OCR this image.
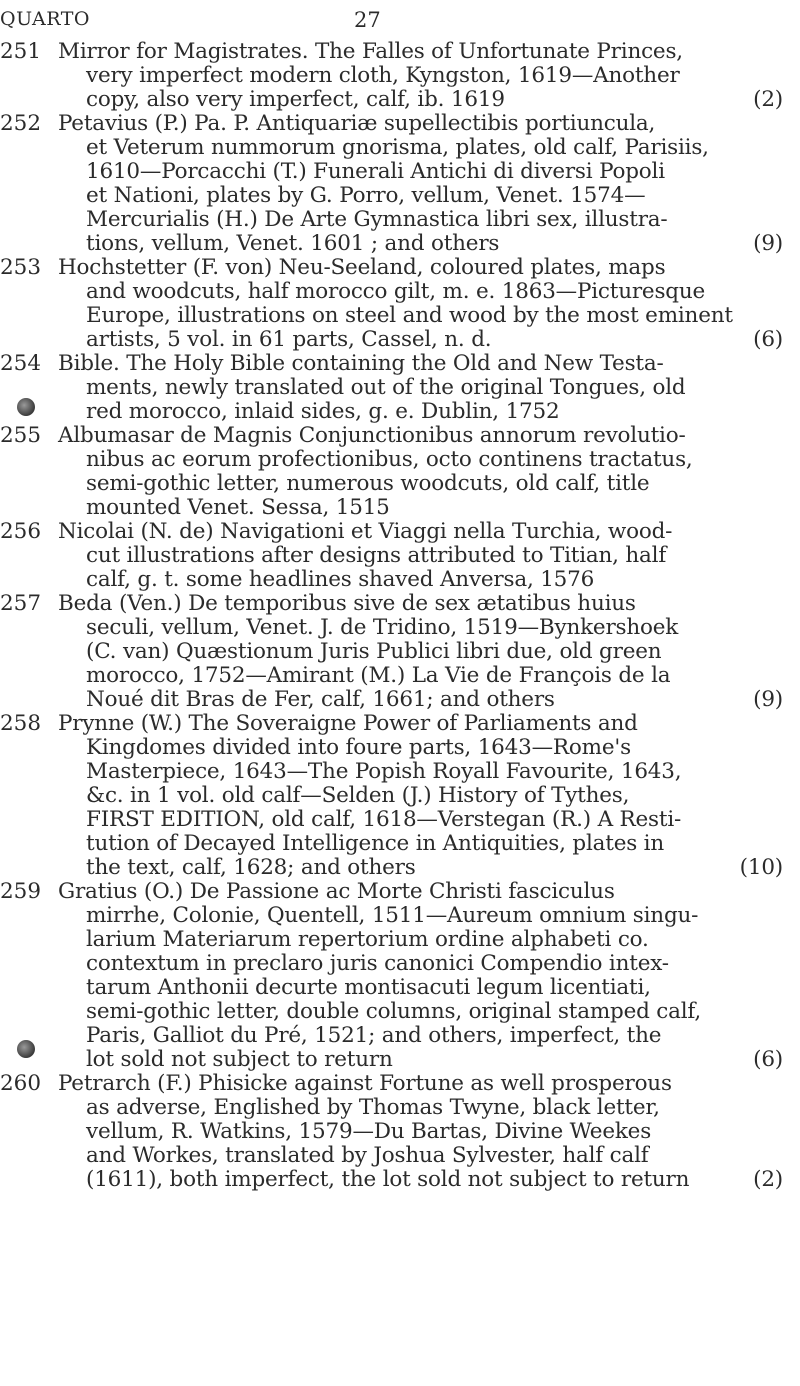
QUARTO	27
251 Mirror for Magistrates. The Falles of Unfortunate Princes,
very imperfect modern cloth, Kyngston, 1619—Another
copy, also very imperfect, calf, ib. 1619	(2)
252 Petavius (P.) Pa. P. Antiquariæ supellectibis portiuncula,
et Veterum nummorum gnorisma, plates, old calf, Parisiis,
1610—Porcacchi (T.) Funerali Antichi di diversi Popoli
et Nationi, plates by G. Porro, vellum, Venet. 1574—
Mercurialis (H.) De Arte Gymnastica libri sex, illustra-
tions, vellum, Venet. 1601 ; and others	(9)
253 Hochstetter (F. von) Neu-Seeland, coloured plates, maps
and woodcuts, half morocco gilt, m. e. 1863—Picturesque
Europe, illustrations on steel and wood by the most eminent
artists, 5 vol. in 61 parts, Cassel, n. d.	(6)
254 Bible. The Holy Bible containing the Old and New Testa-
ments, newly translated out of the original Tongues, old
red morocco, inlaid sides, g. e. Dublin, 1752
255 Albumasar de Magnis Conjunctionibus annorum revolutio-
nibus ac eorum profectionibus, octo continens tractatus,
semi-gothic letter, numerous woodcuts, old calf, title
mounted Venet. Sessa, 1515
256 Nicolai (N. de) Navigationi et Viaggi nella Turchia, wood-
cut illustrations after designs attributed to Titian, half
calf, g. t. some headlines shaved Anversa, 1576
257 Beda (Ven.) De temporibus sive de sex ætatibus huius
seculi, vellum, Venet. J. de Tridino, 1519—Bynkershoek
(C. van) Quæstionum Juris Publici libri due, old green
morocco, 1752—Amirant (M.) La Vie de François de la
Noué dit Bras de Fer, calf, 1661; and others	(9)
258 Prynne (W.) The Soveraigne Power of Parliaments and
Kingdomes divided into foure parts, 1643—Rome's
Masterpiece, 1643—The Popish Royall Favourite, 1643,
&c. in 1 vol. old calf—Selden (J.) History of Tythes,
FIRST EDITION, old calf, 1618—Verstegan (R.) A Resti-
tution of Decayed Intelligence in Antiquities, plates in
the text, calf, 1628; and others	(10)
259 Gratius (O.) De Passione ac Morte Christi fasciculus
mirrhe, Colonie, Quentell, 1511—Aureum omnium singu-
larium Materiarum repertorium ordine alphabeti co.
contextum in preclaro juris canonici Compendio intex-
tarum Anthonii decurte montisacuti legum licentiati,
semi-gothic letter, double columns, original stamped calf,
Paris, Galliot du Pré, 1521; and others, imperfect, the
lot sold not subject to return	(6)
260 Petrarch (F.) Phisicke against Fortune as well prosperous
as adverse, Englished by Thomas Twyne, black letter,
vellum, R. Watkins, 1579—Du Bartas, Divine Weekes
and Workes, translated by Joshua Sylvester, half calf
(1611), both imperfect, the lot sold not subject to return	(2)
